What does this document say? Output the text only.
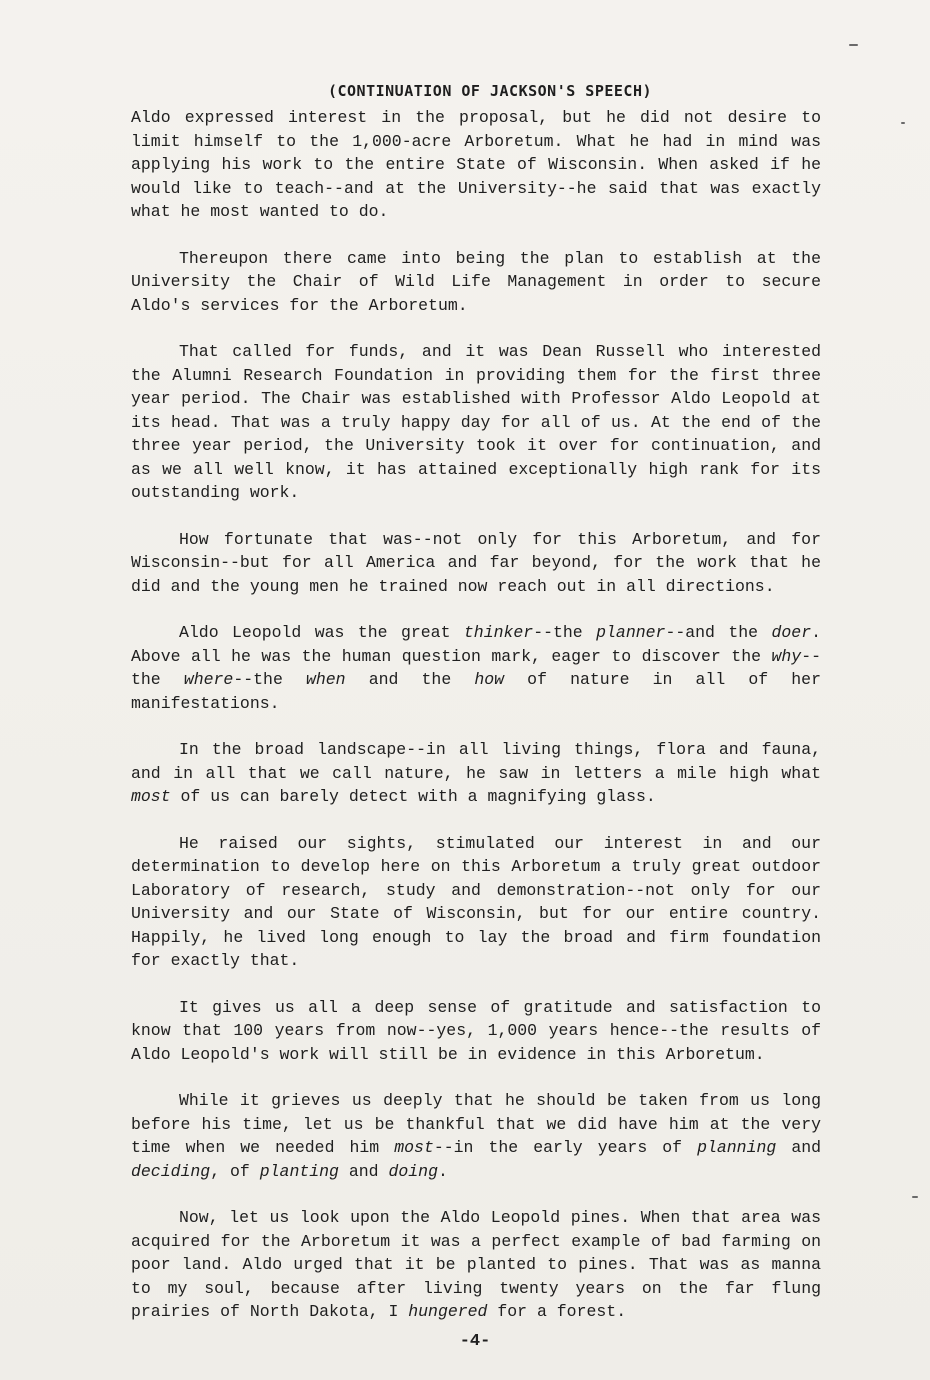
(CONTINUATION OF JACKSON'S SPEECH)

Aldo expressed interest in the proposal, but he did not desire to limit himself to the 1,000-acre Arboretum. What he had in mind was applying his work to the entire State of Wisconsin. When asked if he would like to teach--and at the University--he said that was exactly what he most wanted to do.

Thereupon there came into being the plan to establish at the University the Chair of Wild Life Management in order to secure Aldo's services for the Arboretum.

That called for funds, and it was Dean Russell who interested the Alumni Research Foundation in providing them for the first three year period. The Chair was established with Professor Aldo Leopold at its head. That was a truly happy day for all of us. At the end of the three year period, the University took it over for continuation, and as we all well know, it has attained exceptionally high rank for its outstanding work.

How fortunate that was--not only for this Arboretum, and for Wisconsin--but for all America and far beyond, for the work that he did and the young men he trained now reach out in all directions.

Aldo Leopold was the great thinker--the planner--and the doer. Above all he was the human question mark, eager to discover the why--the where--the when and the how of nature in all of her manifestations.

In the broad landscape--in all living things, flora and fauna, and in all that we call nature, he saw in letters a mile high what most of us can barely detect with a magnifying glass.

He raised our sights, stimulated our interest in and our determination to develop here on this Arboretum a truly great outdoor Laboratory of research, study and demonstration--not only for our University and our State of Wisconsin, but for our entire country. Happily, he lived long enough to lay the broad and firm foundation for exactly that.

It gives us all a deep sense of gratitude and satisfaction to know that 100 years from now--yes, 1,000 years hence--the results of Aldo Leopold's work will still be in evidence in this Arboretum.

While it grieves us deeply that he should be taken from us long before his time, let us be thankful that we did have him at the very time when we needed him most--in the early years of planning and deciding, of planting and doing.

Now, let us look upon the Aldo Leopold pines. When that area was acquired for the Arboretum it was a perfect example of bad farming on poor land. Aldo urged that it be planted to pines. That was as manna to my soul, because after living twenty years on the far flung prairies of North Dakota, I hungered for a forest.

-4-
